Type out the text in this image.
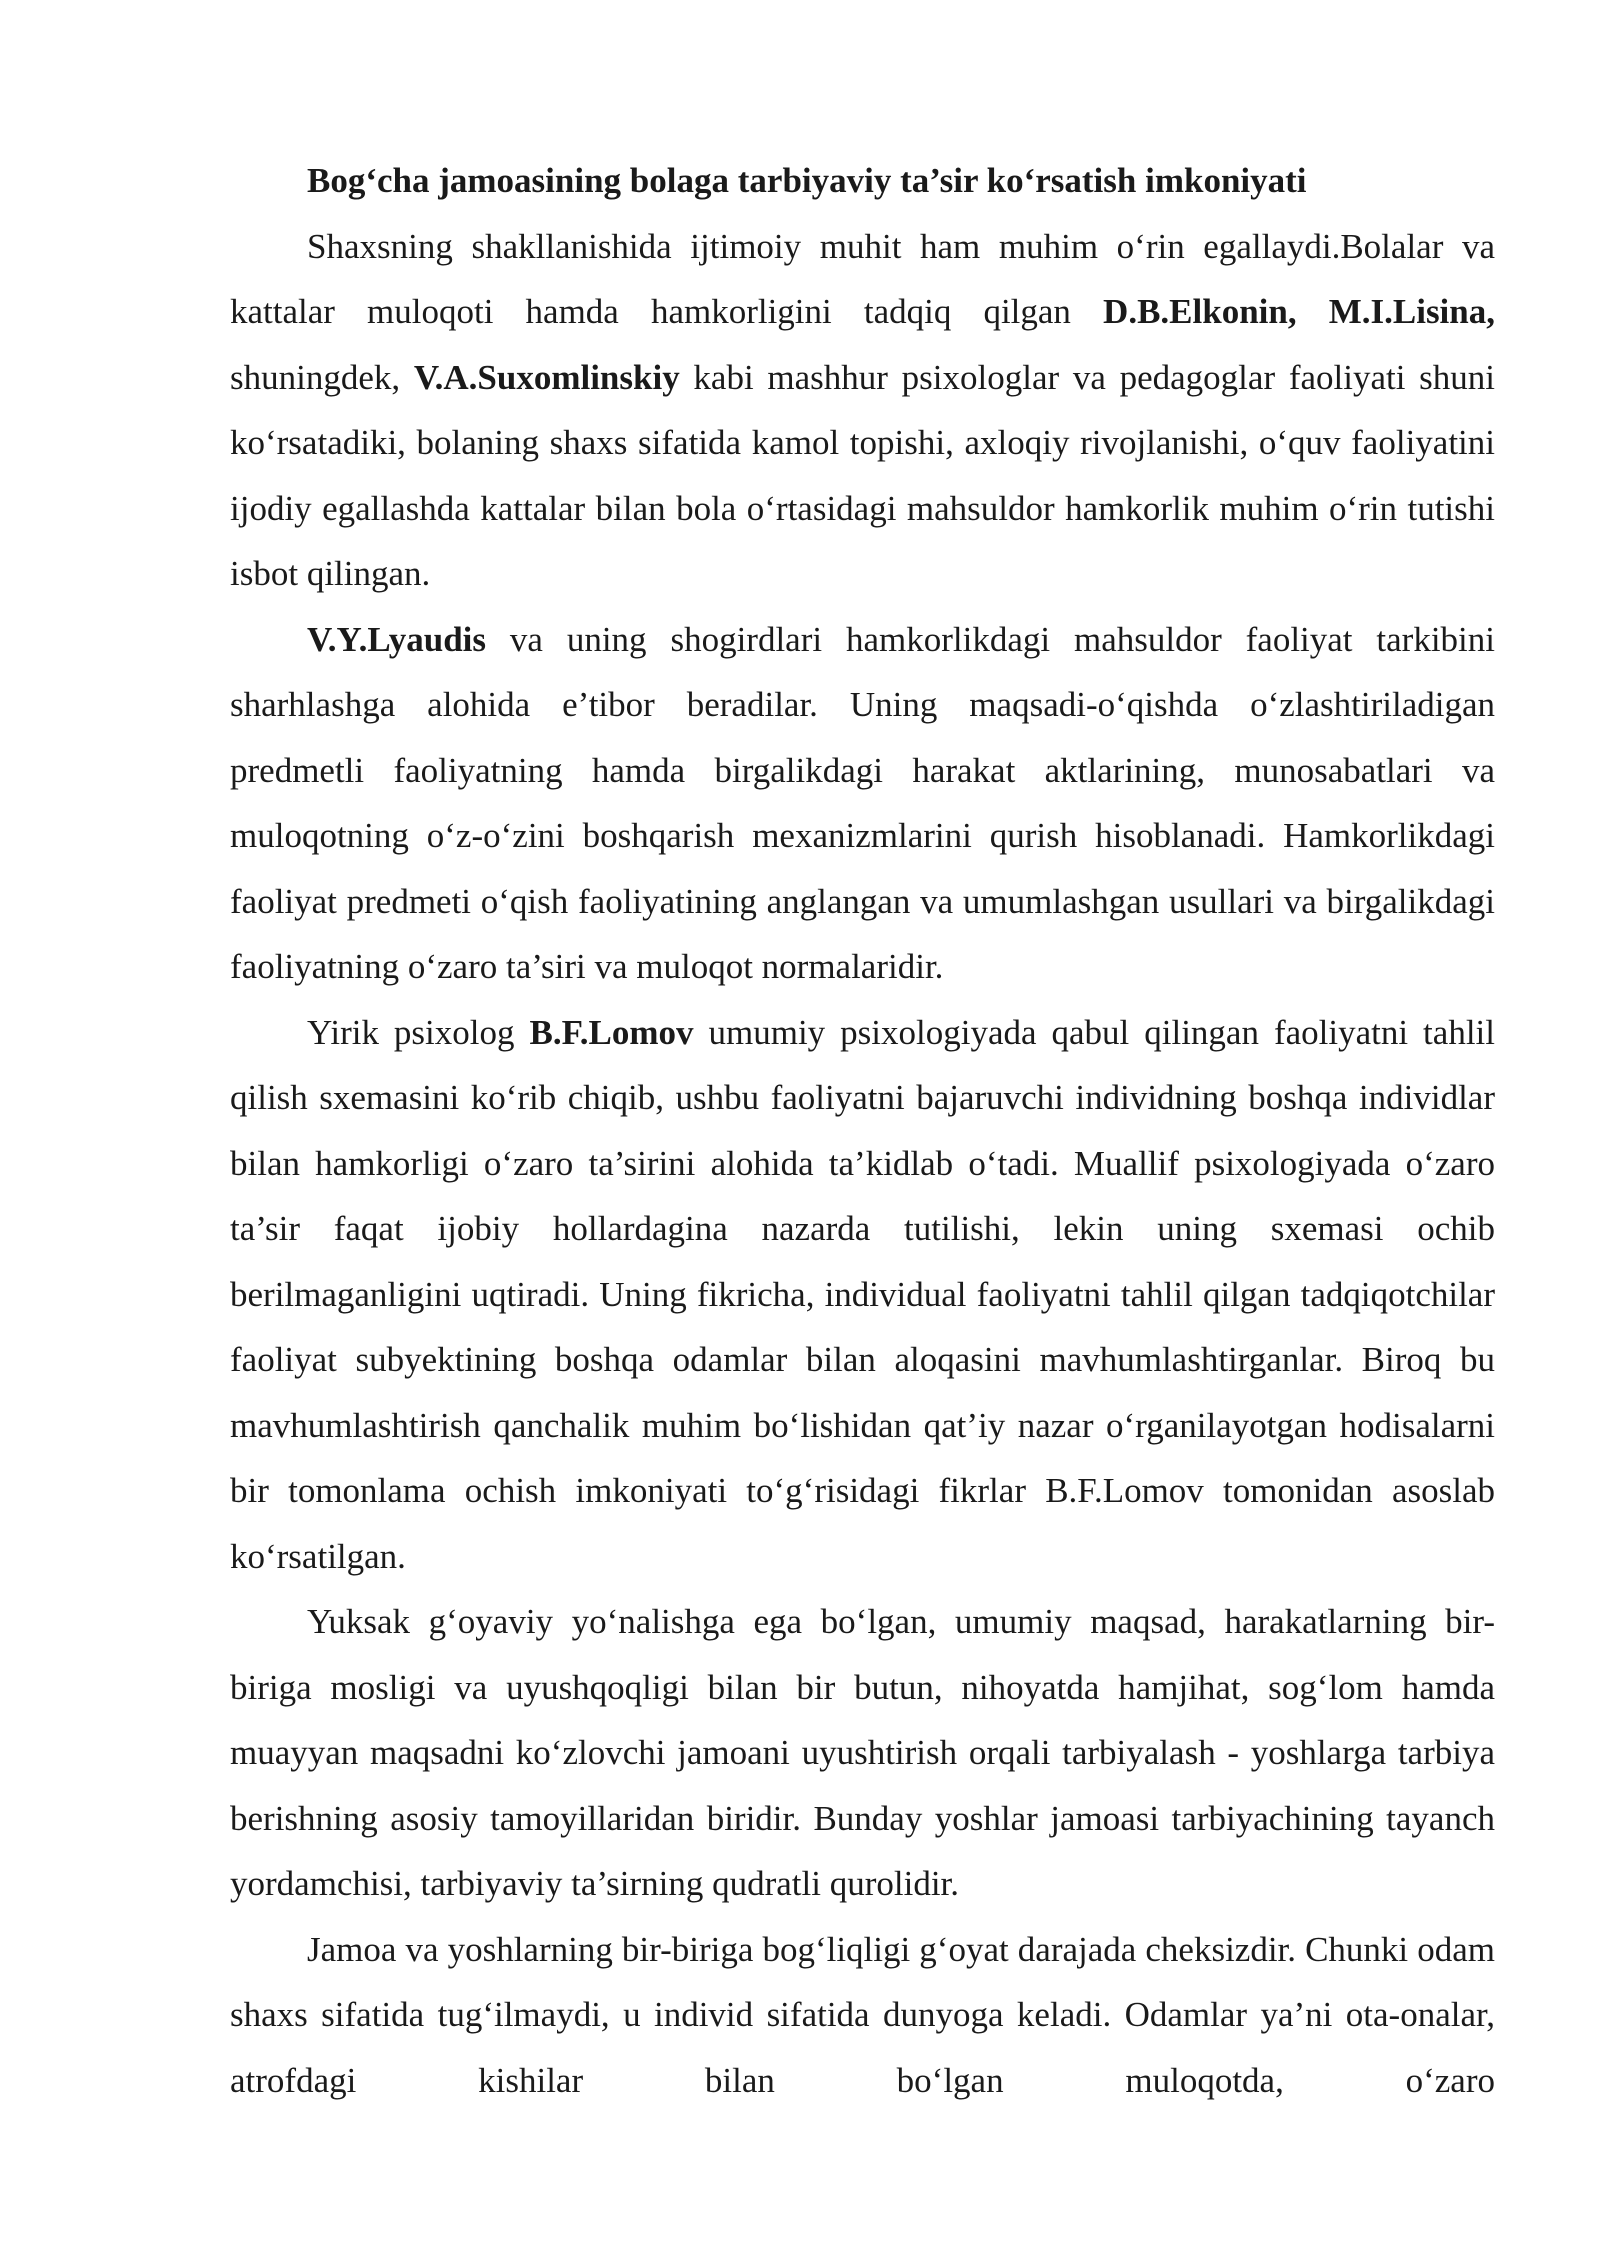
Bog‘cha jamoasining bolaga tarbiyaviy ta’sir ko‘rsatish imkoniyati

Shaxsning shakllanishida ijtimoiy muhit ham muhim o‘rin egallaydi.Bolalar va kattalar muloqoti hamda hamkorligini tadqiq qilgan D.B.Elkonin, M.I.Lisina, shuningdek, V.A.Suxomlinskiy kabi mashhur psixologlar va pedagoglar faoliyati shuni ko‘rsatadiki, bolaning shaxs sifatida kamol topishi, axloqiy rivojlanishi, o‘quv faoliyatini ijodiy egallashda kattalar bilan bola o‘rtasidagi mahsuldor hamkorlik muhim o‘rin tutishi isbot qilingan.

V.Y.Lyaudis va uning shogirdlari hamkorlikdagi mahsuldor faoliyat tarkibini sharhlashga alohida e’tibor beradilar. Uning maqsadi-o‘qishda o‘zlashtiriladigan predmetli faoliyatning hamda birgalikdagi harakat aktlarining, munosabatlari va muloqotning o‘z-o‘zini boshqarish mexanizmlarini qurish hisoblanadi. Hamkorlikdagi faoliyat predmeti o‘qish faoliyatining anglangan va umumlashgan usullari va birgalikdagi faoliyatning o‘zaro ta’siri va muloqot normalaridir.

Yirik psixolog B.F.Lomov umumiy psixologiyada qabul qilingan faoliyatni tahlil qilish sxemasini ko‘rib chiqib, ushbu faoliyatni bajaruvchi individning boshqa individlar bilan hamkorligi o‘zaro ta’sirini alohida ta’kidlab o‘tadi. Muallif psixologiyada o‘zaro ta’sir faqat ijobiy hollardagina nazarda tutilishi, lekin uning sxemasi ochib berilmaganligini uqtiradi. Uning fikricha, individual faoliyatni tahlil qilgan tadqiqotchilar faoliyat subyektining boshqa odamlar bilan aloqasini mavhumlashtirganlar. Biroq bu mavhumlashtirish qanchalik muhim bo‘lishidan qat’iy nazar o‘rganilayotgan hodisalarni bir tomonlama ochish imkoniyati to‘g‘risidagi fikrlar B.F.Lomov tomonidan asoslab ko‘rsatilgan.

Yuksak g‘oyaviy yo‘nalishga ega bo‘lgan, umumiy maqsad, harakatlarning bir-biriga mosligi va uyushqoqligi bilan bir butun, nihoyatda hamjihat, sog‘lom hamda muayyan maqsadni ko‘zlovchi jamoani uyushtirish orqali tarbiyalash - yoshlarga tarbiya berishning asosiy tamoyillaridan biridir. Bunday yoshlar jamoasi tarbiyachining tayanch yordamchisi, tarbiyaviy ta’sirning qudratli qurolidir.

Jamoa va yoshlarning bir-biriga bog‘liqligi g‘oyat darajada cheksizdir. Chunki odam shaxs sifatida tug‘ilmaydi, u individ sifatida dunyoga keladi. Odamlar ya’ni ota-onalar, atrofdagi kishilar bilan bo‘lgan muloqotda, o‘zaro
